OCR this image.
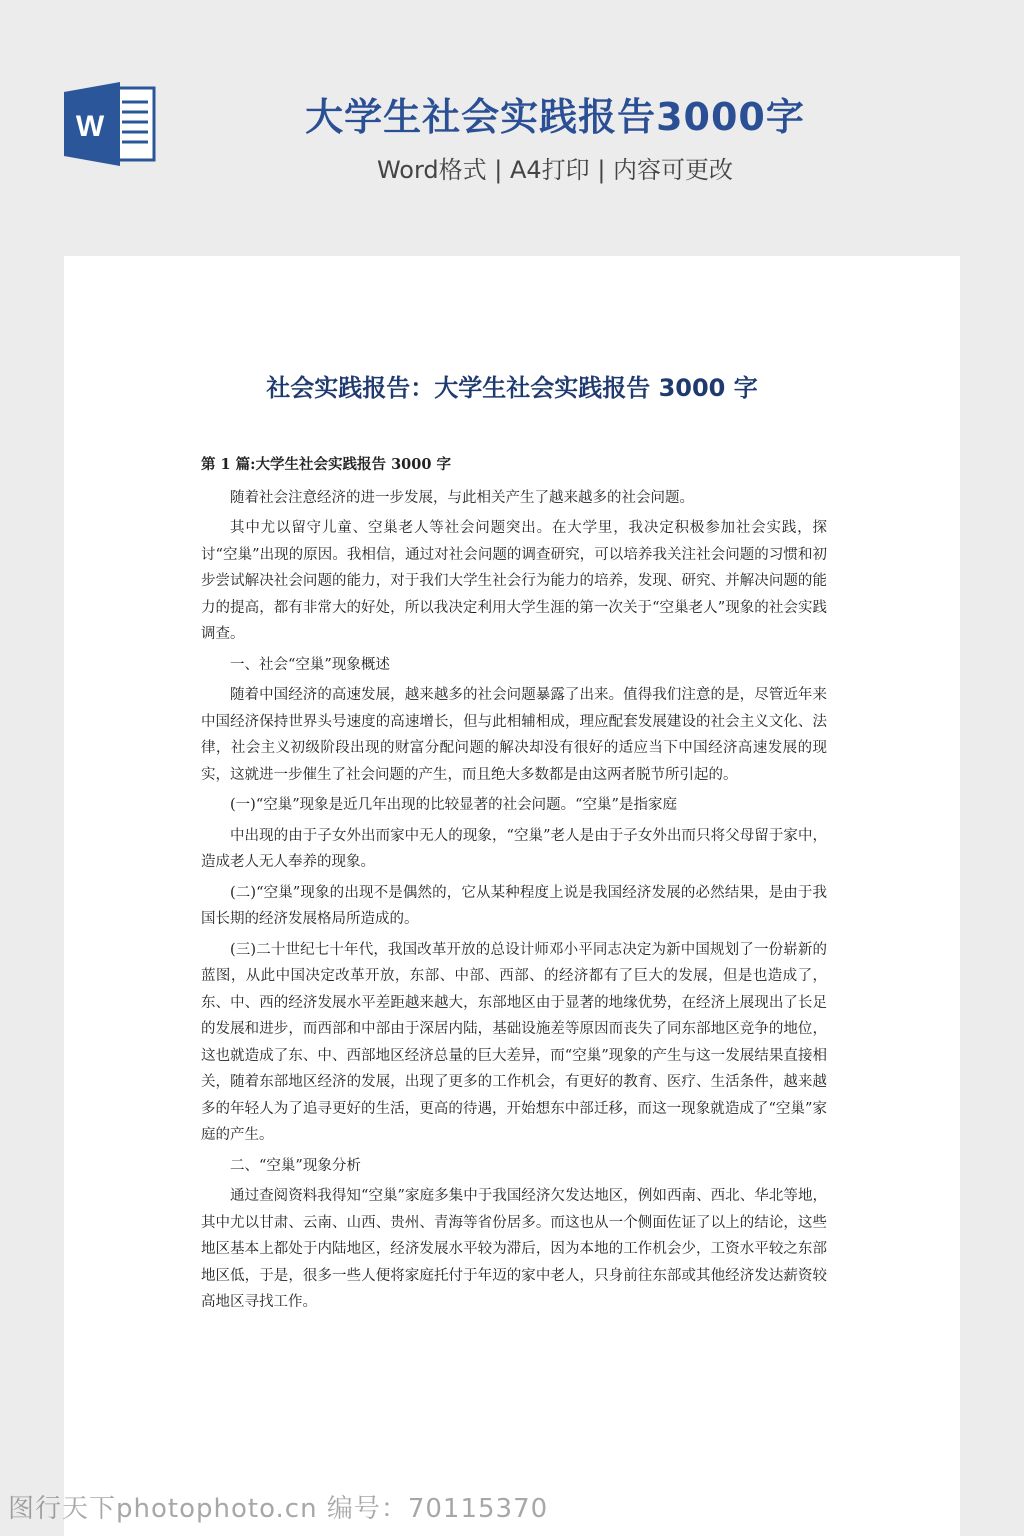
W	大学生社会实践报告3000字
Word格式 | A4打印 | 内容可更改
社会实践报告：大学生社会实践报告 3000 字

第 1 篇:大学生社会实践报告 3000 字

随着社会注意经济的进一步发展，与此相关产生了越来越多的社会问题。

其中尤以留守儿童、空巢老人等社会问题突出。在大学里，我决定积极参加社会实践，探讨“空巢”出现的原因。我相信，通过对社会问题的调查研究，可以培养我关注社会问题的习惯和初步尝试解决社会问题的能力，对于我们大学生社会行为能力的培养，发现、研究、并解决问题的能力的提高，都有非常大的好处，所以我决定利用大学生涯的第一次关于“空巢老人”现象的社会实践调查。

一、社会“空巢”现象概述

随着中国经济的高速发展，越来越多的社会问题暴露了出来。值得我们注意的是，尽管近年来中国经济保持世界头号速度的高速增长，但与此相辅相成，理应配套发展建设的社会主义文化、法律，社会主义初级阶段出现的财富分配问题的解决却没有很好的适应当下中国经济高速发展的现实，这就进一步催生了社会问题的产生，而且绝大多数都是由这两者脱节所引起的。

(一)“空巢”现象是近几年出现的比较显著的社会问题。“空巢”是指家庭

中出现的由于子女外出而家中无人的现象，“空巢”老人是由于子女外出而只将父母留于家中，造成老人无人奉养的现象。

(二)“空巢”现象的出现不是偶然的，它从某种程度上说是我国经济发展的必然结果，是由于我国长期的经济发展格局所造成的。

(三)二十世纪七十年代，我国改革开放的总设计师邓小平同志决定为新中国规划了一份崭新的蓝图，从此中国决定改革开放，东部、中部、西部、的经济都有了巨大的发展，但是也造成了，东、中、西的经济发展水平差距越来越大，东部地区由于显著的地缘优势，在经济上展现出了长足的发展和进步，而西部和中部由于深居内陆，基础设施差等原因而丧失了同东部地区竞争的地位，这也就造成了东、中、西部地区经济总量的巨大差异，而“空巢”现象的产生与这一发展结果直接相关，随着东部地区经济的发展，出现了更多的工作机会，有更好的教育、医疗、生活条件，越来越多的年轻人为了追寻更好的生活，更高的待遇，开始想东中部迁移，而这一现象就造成了“空巢”家庭的产生。

二、“空巢”现象分析

通过查阅资料我得知“空巢”家庭多集中于我国经济欠发达地区，例如西南、西北、华北等地，其中尤以甘肃、云南、山西、贵州、青海等省份居多。而这也从一个侧面佐证了以上的结论，这些地区基本上都处于内陆地区，经济发展水平较为滞后，因为本地的工作机会少，工资水平较之东部地区低，于是，很多一些人便将家庭托付于年迈的家中老人，只身前往东部或其他经济发达薪资较高地区寻找工作。

图行天下photophoto.cn 编号：70115370
